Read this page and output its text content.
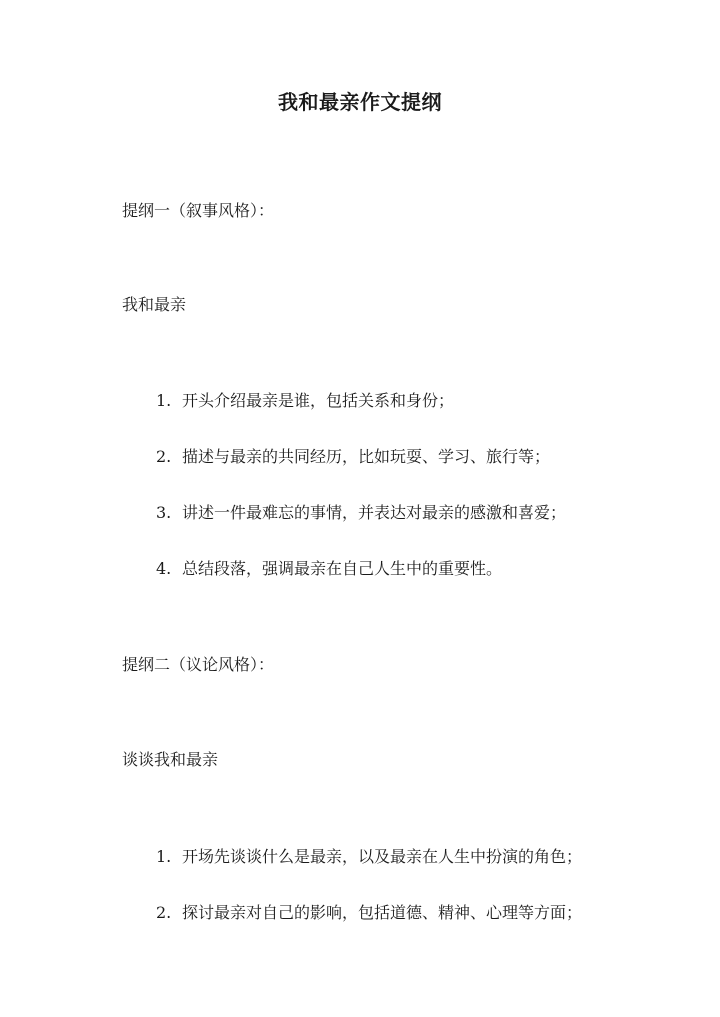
我和最亲作文提纲

提纲一（叙事风格）：

我和最亲

1. 开头介绍最亲是谁，包括关系和身份；

2. 描述与最亲的共同经历，比如玩耍、学习、旅行等；

3. 讲述一件最难忘的事情，并表达对最亲的感激和喜爱；

4. 总结段落，强调最亲在自己人生中的重要性。

提纲二（议论风格）：

谈谈我和最亲

1. 开场先谈谈什么是最亲，以及最亲在人生中扮演的角色；

2. 探讨最亲对自己的影响，包括道德、精神、心理等方面；
